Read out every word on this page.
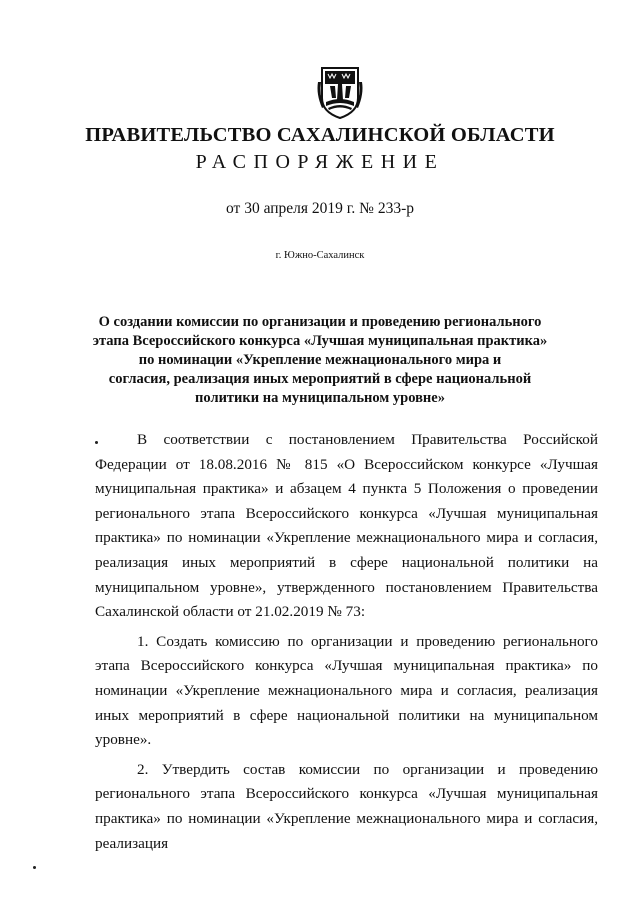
ПРАВИТЕЛЬСТВО САХАЛИНСКОЙ ОБЛАСТИ
РАСПОРЯЖЕНИЕ
от 30 апреля 2019 г. № 233-р
г. Южно-Сахалинск
О создании комиссии по организации и проведению регионального
этапа Всероссийского конкурса «Лучшая муниципальная практика»
по номинации «Укрепление межнационального мира и
согласия, реализация иных мероприятий в сфере национальной
политики на муниципальном уровне»

В соответствии с постановлением Правительства Российской Федерации от 18.08.2016 № 815 «О Всероссийском конкурсе «Лучшая муниципальная практика» и абзацем 4 пункта 5 Положения о проведении регионального этапа Всероссийского конкурса «Лучшая муниципальная практика» по номинации «Укрепление межнационального мира и согласия, реализация иных мероприятий в сфере национальной политики на муниципальном уровне», утвержденного постановлением Правительства Сахалинской области от 21.02.2019 № 73:

1. Создать комиссию по организации и проведению регионального этапа Всероссийского конкурса «Лучшая муниципальная практика» по номинации «Укрепление межнационального мира и согласия, реализация иных мероприятий в сфере национальной политики на муниципальном уровне».

2. Утвердить состав комиссии по организации и проведению регионального этапа Всероссийского конкурса «Лучшая муниципальная практика» по номинации «Укрепление межнационального мира и согласия, реализация
